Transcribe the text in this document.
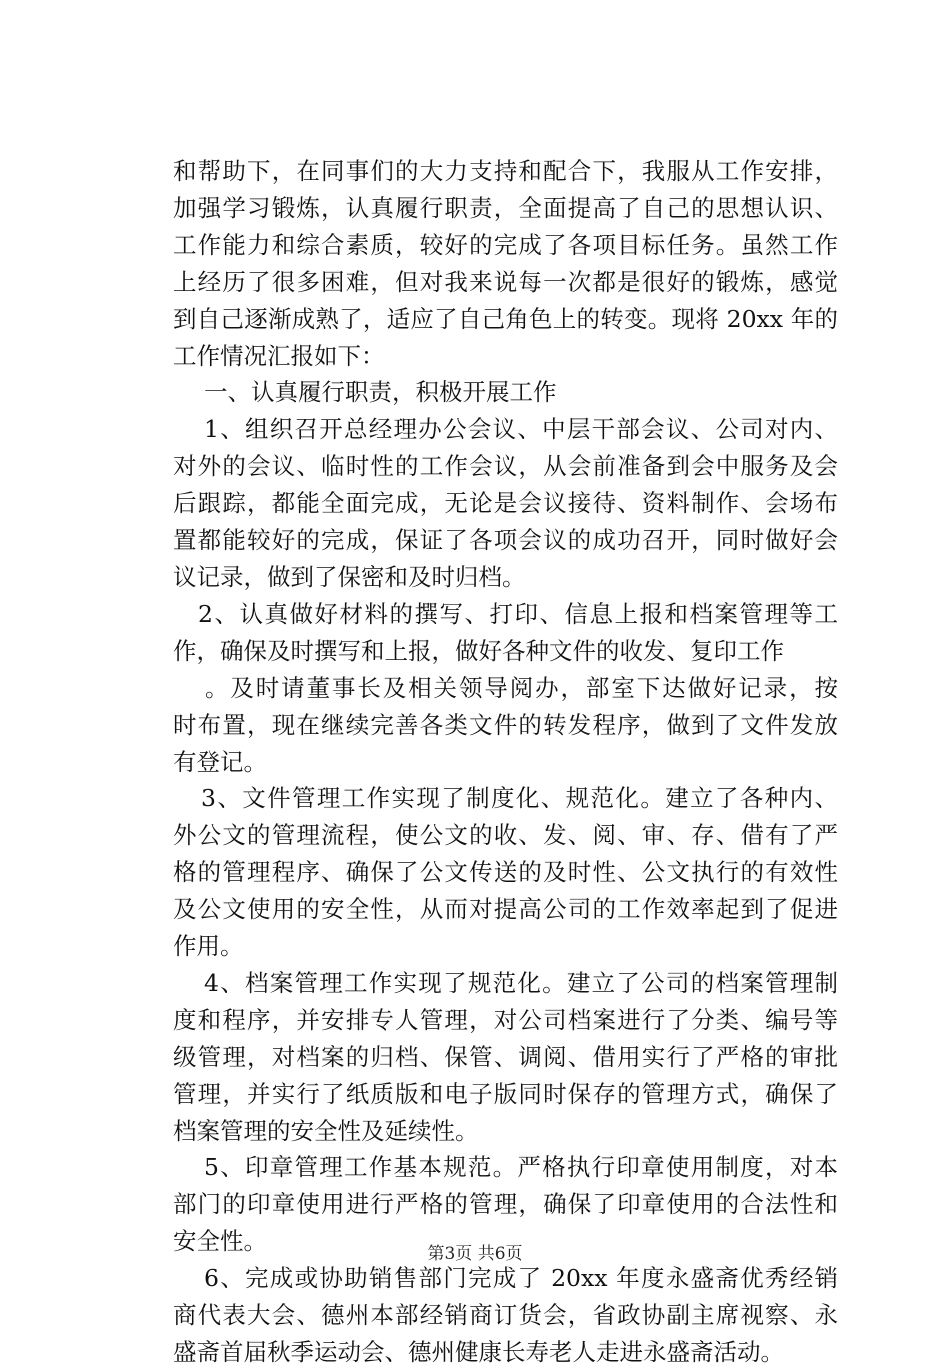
和帮助下，在同事们的大力支持和配合下，我服从工作安排，
加强学习锻炼，认真履行职责，全面提高了自己的思想认识、
工作能力和综合素质，较好的完成了各项目标任务。虽然工作
上经历了很多困难，但对我来说每一次都是很好的锻炼，感觉
到自己逐渐成熟了，适应了自己角色上的转变。现将 20xx 年的
工作情况汇报如下：
一、认真履行职责，积极开展工作
1、组织召开总经理办公会议、中层干部会议、公司对内、
对外的会议、临时性的工作会议，从会前准备到会中服务及会
后跟踪，都能全面完成，无论是会议接待、资料制作、会场布
置都能较好的完成，保证了各项会议的成功召开，同时做好会
议记录，做到了保密和及时归档。
2、认真做好材料的撰写、打印、信息上报和档案管理等工
作，确保及时撰写和上报，做好各种文件的收发、复印工作
。及时请董事长及相关领导阅办，部室下达做好记录，按
时布置，现在继续完善各类文件的转发程序，做到了文件发放
有登记。
3、文件管理工作实现了制度化、规范化。建立了各种内、
外公文的管理流程，使公文的收、发、阅、审、存、借有了严
格的管理程序、确保了公文传送的及时性、公文执行的有效性
及公文使用的安全性，从而对提高公司的工作效率起到了促进
作用。
4、档案管理工作实现了规范化。建立了公司的档案管理制
度和程序，并安排专人管理，对公司档案进行了分类、编号等
级管理，对档案的归档、保管、调阅、借用实行了严格的审批
管理，并实行了纸质版和电子版同时保存的管理方式，确保了
档案管理的安全性及延续性。
5、印章管理工作基本规范。严格执行印章使用制度，对本
部门的印章使用进行严格的管理，确保了印章使用的合法性和
安全性。
6、完成或协助销售部门完成了 20xx 年度永盛斋优秀经销
商代表大会、德州本部经销商订货会，省政协副主席视察、永
盛斋首届秋季运动会、德州健康长寿老人走进永盛斋活动。
第3页 共6页
